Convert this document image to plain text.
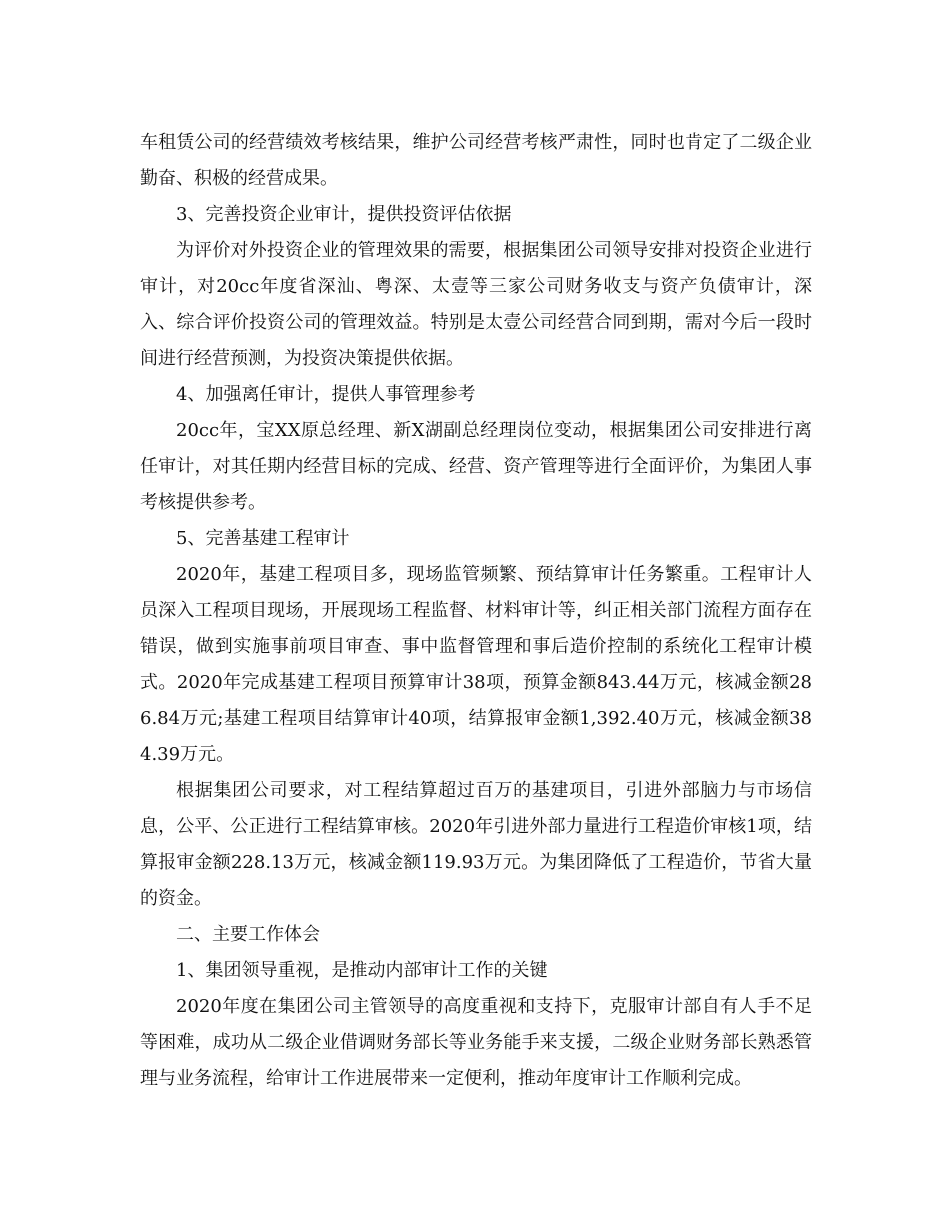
车租赁公司的经营绩效考核结果，维护公司经营考核严肃性，同时也肯定了二级企业勤奋、积极的经营成果。

3、完善投资企业审计，提供投资评估依据

为评价对外投资企业的管理效果的需要，根据集团公司领导安排对投资企业进行审计，对20cc年度省深汕、粤深、太壹等三家公司财务收支与资产负债审计，深入、综合评价投资公司的管理效益。特别是太壹公司经营合同到期，需对今后一段时间进行经营预测，为投资决策提供依据。

4、加强离任审计，提供人事管理参考

20cc年，宝XX原总经理、新X湖副总经理岗位变动，根据集团公司安排进行离任审计，对其任期内经营目标的完成、经营、资产管理等进行全面评价，为集团人事考核提供参考。

5、完善基建工程审计

2020年，基建工程项目多，现场监管频繁、预结算审计任务繁重。工程审计人员深入工程项目现场，开展现场工程监督、材料审计等，纠正相关部门流程方面存在错误，做到实施事前项目审查、事中监督管理和事后造价控制的系统化工程审计模式。2020年完成基建工程项目预算审计38项，预算金额843.44万元，核减金额286.84万元;基建工程项目结算审计40项，结算报审金额1,392.40万元，核减金额384.39万元。

根据集团公司要求，对工程结算超过百万的基建项目，引进外部脑力与市场信息，公平、公正进行工程结算审核。2020年引进外部力量进行工程造价审核1项，结算报审金额228.13万元，核减金额119.93万元。为集团降低了工程造价，节省大量的资金。

二、主要工作体会

1、集团领导重视，是推动内部审计工作的关键

2020年度在集团公司主管领导的高度重视和支持下，克服审计部自有人手不足等困难，成功从二级企业借调财务部长等业务能手来支援，二级企业财务部长熟悉管理与业务流程，给审计工作进展带来一定便利，推动年度审计工作顺利完成。
